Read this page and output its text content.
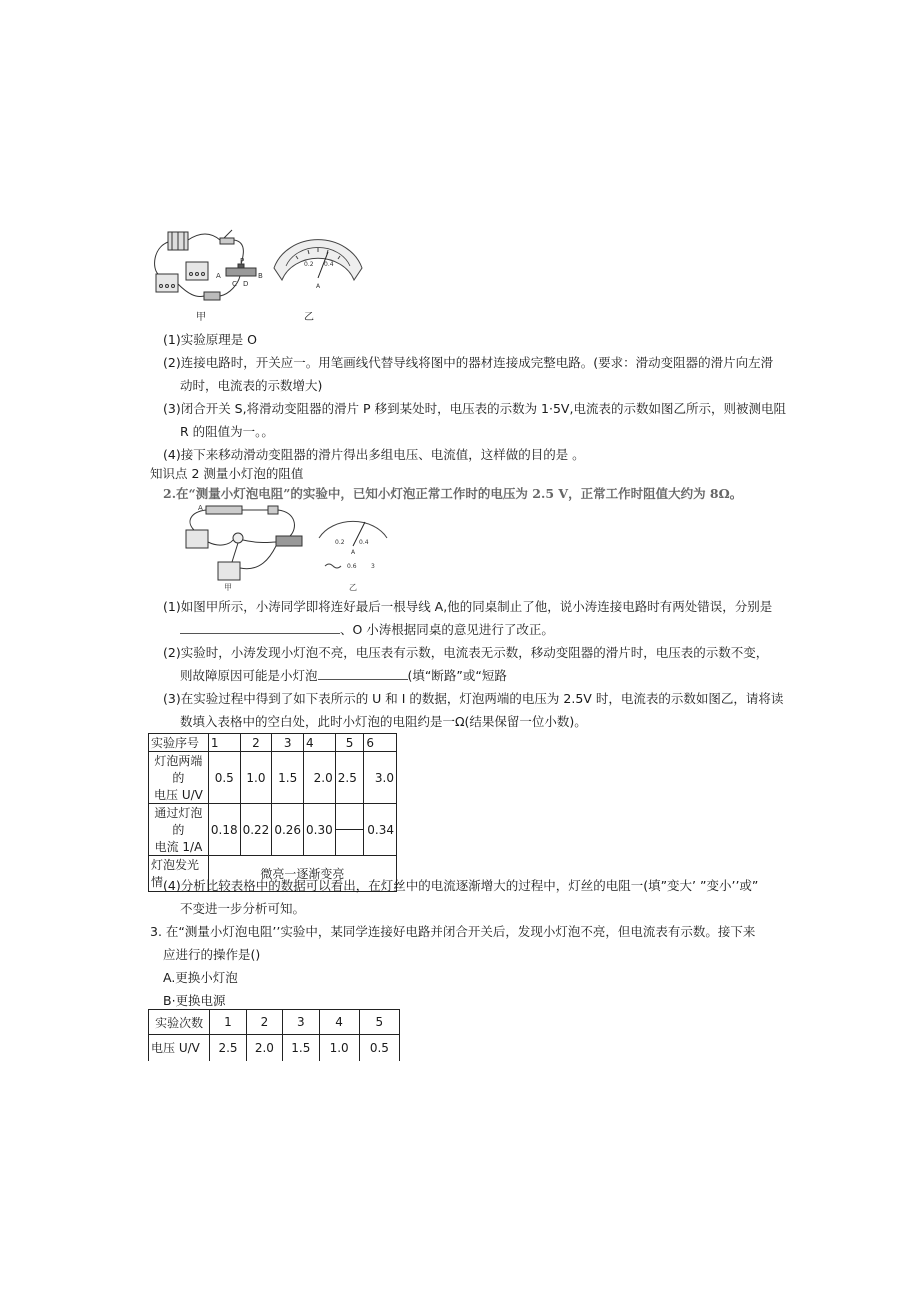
A	B
C D
P	0.2 0.4
A
甲	乙
(1)实验原理是 O
(2)连接电路时，开关应一。用笔画线代替导线将图中的器材连接成完整电路。(要求：滑动变阻器的滑片向左滑
动时，电流表的示数增大)
(3)闭合开关 S,将滑动变阻器的滑片 P 移到某处时，电压表的示数为 1·5V,电流表的示数如图乙所示，则被测电阻
R 的阻值为一。。
(4)接下来移动滑动变阻器的滑片得出多组电压、电流值，这样做的目的是 。
知识点 2 测量小灯泡的阻值
2.在“测量小灯泡电阻”的实验中，已知小灯泡正常工作时的电压为 2.5 V，正常工作时阻值大约为 8Ω。
A
甲
0.2 0.4
A
0.6 3
乙
(1)如图甲所示，小涛同学即将连好最后一根导线 A,他的同桌制止了他，说小涛连接电路时有两处错误，分别是
、O 小涛根据同桌的意见进行了改正。
(2)实验时，小涛发现小灯泡不亮，电压表有示数，电流表无示数，移动变阻器的滑片时，电压表的示数不变，
则故障原因可能是小灯泡	(填“断路”或“短路
(3)在实验过程中得到了如下表所示的 U 和 I 的数据，灯泡两端的电压为 2.5V 时，电流表的示数如图乙，请将读
数填入表格中的空白处，此时小灯泡的电阻约是一Ω(结果保留一位小数)。
实验序号	1	2	3	4	5	6
灯泡两端的
电压 U/V	0.5	1.0	1.5	2.0	2.5	3.0
通过灯泡的
电流 1/A	0.18	0.22	0.26	0.30		0.34
灯泡发光情	微亮一逐渐变亮					
(4)分析比较表格中的数据可以看出，在灯丝中的电流逐渐增大的过程中，灯丝的电阻一(填”变大’ ”变小’’或”
不变进一步分析可知。
3. 在“测量小灯泡电阻’’实验中，某同学连接好电路并闭合开关后，发现小灯泡不亮，但电流表有示数。接下来
应进行的操作是()
A.更换小灯泡
B·更换电源
实验次数	1	2	3	4	5
电压 U/V	2.5	2.0	1.5	1.0	0.5
